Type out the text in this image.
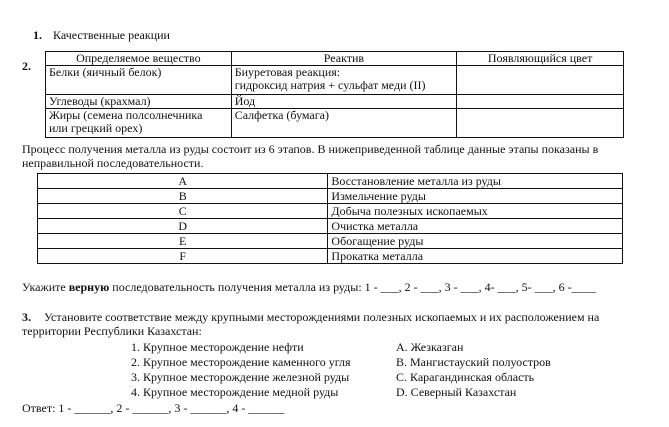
1. Качественные реакции
2.
Определяемое вещество	Реактив	Появляющийся цвет
Белки (яичный белок)	Биуретовая реакция:
гидроксид натрия + сульфат меди (II)	

Углеводы (крахмал)	Йод	

Жиры (семена полсолнечника
или грецкий орех)	Салфетка (бумага)	
Процесс получения металла из руды состоит из 6 этапов. В нижеприведенной таблице данные этапы показаны в
неправильной последовательности.
A	Восстановление металла из руды
B	Измельчение руды
C	Добыча полезных ископаемых
D	Очистка металла
E	Обогащение руды
F	Прокатка металла
Укажите верную последовательность получения металла из руды: 1 - ___, 2 - ___, 3 - ___, 4- ___, 5- ___, 6 -____
3. Установите соответствие между крупными месторождениями полезных ископаемых и их расположением на
территории Республики Казахстан:
1. Крупное месторождение нефти
2. Крупное месторождение каменного угля
3. Крупное месторождение железной руды
4. Крупное месторождение медной руды
A. Жезказган
B. Мангистауский полуостров
C. Карагандинская область
D. Северный Казахстан
Ответ: 1 - ______, 2 - ______, 3 - ______, 4 - ______
